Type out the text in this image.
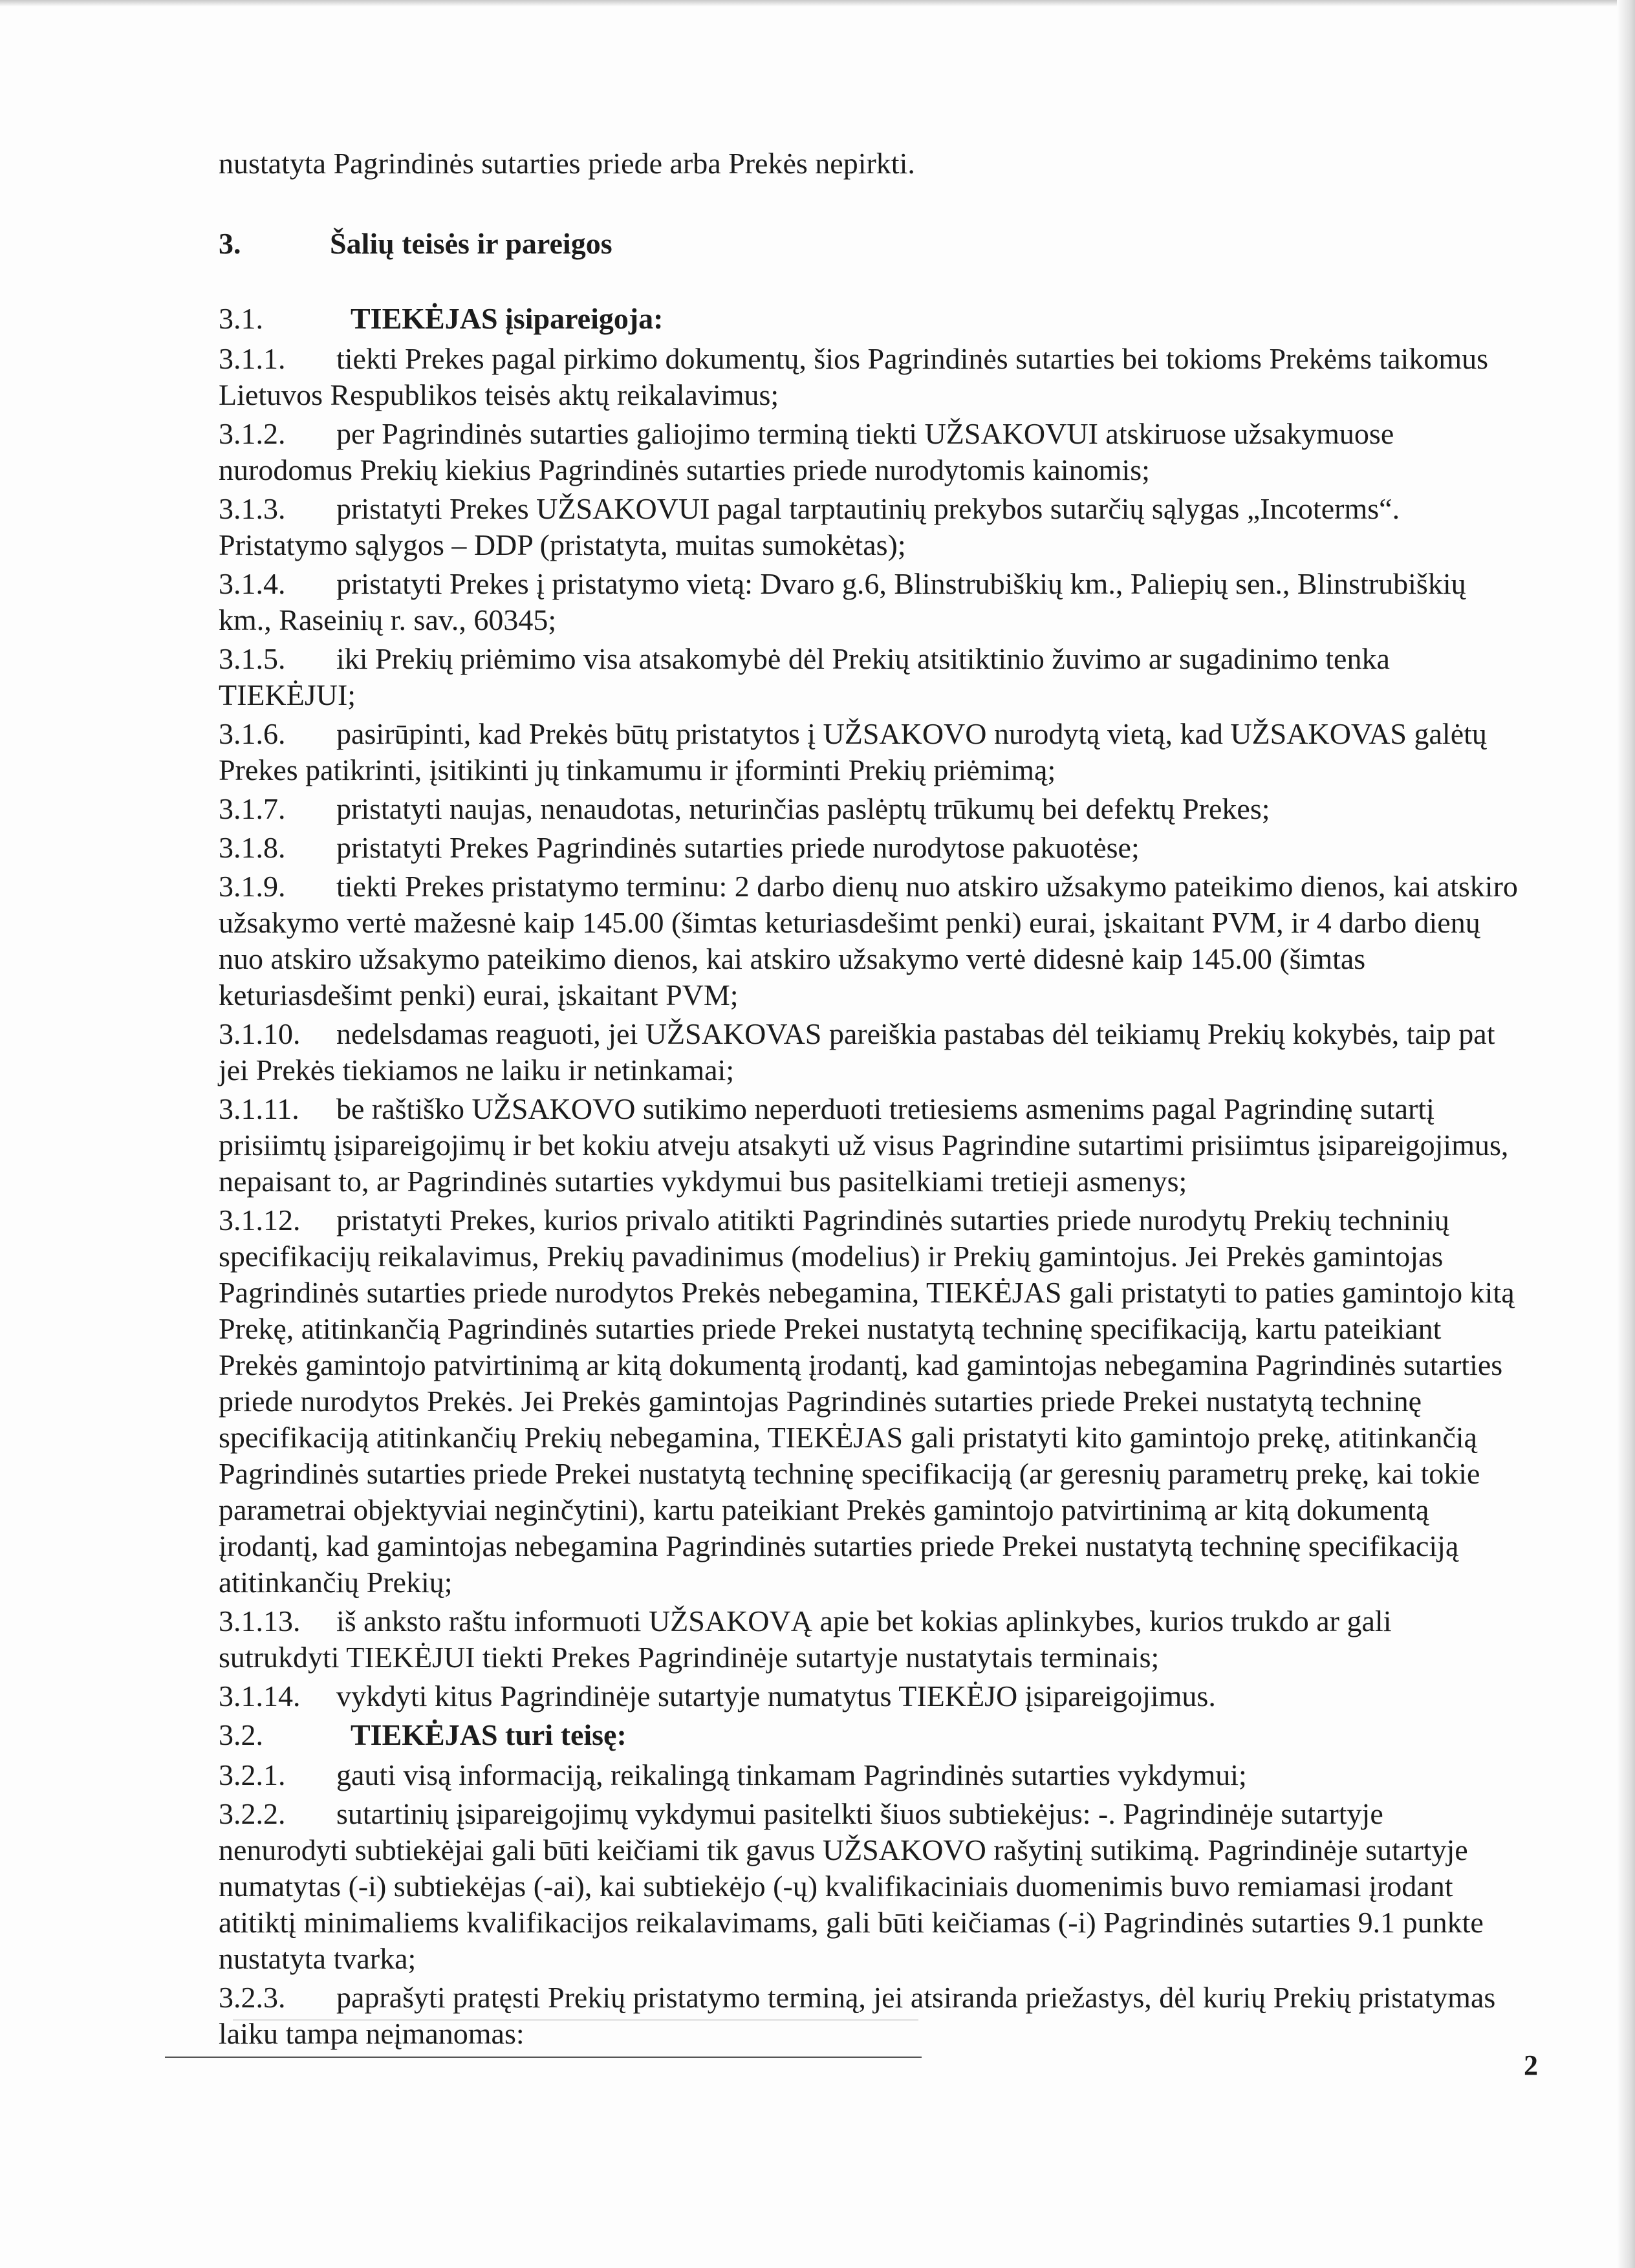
nustatyta Pagrindinės sutarties priede arba Prekės nepirkti.

3.	Šalių teisės ir pareigos
3.1.	TIEKĖJAS įsipareigoja:

3.1.1. tiekti Prekes pagal pirkimo dokumentų, šios Pagrindinės sutarties bei tokioms Prekėms taikomus Lietuvos Respublikos teisės aktų reikalavimus;

3.1.2. per Pagrindinės sutarties galiojimo terminą tiekti UŽSAKOVUI atskiruose užsakymuose nurodomus Prekių kiekius Pagrindinės sutarties priede nurodytomis kainomis;

3.1.3. pristatyti Prekes UŽSAKOVUI pagal tarptautinių prekybos sutarčių sąlygas „Incoterms“. Pristatymo sąlygos – DDP (pristatyta, muitas sumokėtas);

3.1.4. pristatyti Prekes į pristatymo vietą: Dvaro g.6, Blinstrubiškių km., Paliepių sen., Blinstrubiškių km., Raseinių r. sav., 60345;

3.1.5. iki Prekių priėmimo visa atsakomybė dėl Prekių atsitiktinio žuvimo ar sugadinimo tenka TIEKĖJUI;

3.1.6. pasirūpinti, kad Prekės būtų pristatytos į UŽSAKOVO nurodytą vietą, kad UŽSAKOVAS galėtų Prekes patikrinti, įsitikinti jų tinkamumu ir įforminti Prekių priėmimą;

3.1.7. pristatyti naujas, nenaudotas, neturinčias paslėptų trūkumų bei defektų Prekes;

3.1.8. pristatyti Prekes Pagrindinės sutarties priede nurodytose pakuotėse;

3.1.9. tiekti Prekes pristatymo terminu: 2 darbo dienų nuo atskiro užsakymo pateikimo dienos, kai atskiro užsakymo vertė mažesnė kaip 145.00 (šimtas keturiasdešimt penki) eurai, įskaitant PVM, ir 4 darbo dienų nuo atskiro užsakymo pateikimo dienos, kai atskiro užsakymo vertė didesnė kaip 145.00 (šimtas keturiasdešimt penki) eurai, įskaitant PVM;

3.1.10. nedelsdamas reaguoti, jei UŽSAKOVAS pareiškia pastabas dėl teikiamų Prekių kokybės, taip pat jei Prekės tiekiamos ne laiku ir netinkamai;

3.1.11. be raštiško UŽSAKOVO sutikimo neperduoti tretiesiems asmenims pagal Pagrindinę sutartį prisiimtų įsipareigojimų ir bet kokiu atveju atsakyti už visus Pagrindine sutartimi prisiimtus įsipareigojimus, nepaisant to, ar Pagrindinės sutarties vykdymui bus pasitelkiami tretieji asmenys;

3.1.12. pristatyti Prekes, kurios privalo atitikti Pagrindinės sutarties priede nurodytų Prekių techninių specifikacijų reikalavimus, Prekių pavadinimus (modelius) ir Prekių gamintojus. Jei Prekės gamintojas Pagrindinės sutarties priede nurodytos Prekės nebegamina, TIEKĖJAS gali pristatyti to paties gamintojo kitą Prekę, atitinkančią Pagrindinės sutarties priede Prekei nustatytą techninę specifikaciją, kartu pateikiant Prekės gamintojo patvirtinimą ar kitą dokumentą įrodantį, kad gamintojas nebegamina Pagrindinės sutarties priede nurodytos Prekės. Jei Prekės gamintojas Pagrindinės sutarties priede Prekei nustatytą techninę specifikaciją atitinkančių Prekių nebegamina, TIEKĖJAS gali pristatyti kito gamintojo prekę, atitinkančią Pagrindinės sutarties priede Prekei nustatytą techninę specifikaciją (ar geresnių parametrų prekę, kai tokie parametrai objektyviai neginčytini), kartu pateikiant Prekės gamintojo patvirtinimą ar kitą dokumentą įrodantį, kad gamintojas nebegamina Pagrindinės sutarties priede Prekei nustatytą techninę specifikaciją atitinkančių Prekių;

3.1.13. iš anksto raštu informuoti UŽSAKOVĄ apie bet kokias aplinkybes, kurios trukdo ar gali sutrukdyti TIEKĖJUI tiekti Prekes Pagrindinėje sutartyje nustatytais terminais;

3.1.14. vykdyti kitus Pagrindinėje sutartyje numatytus TIEKĖJO įsipareigojimus.

3.2.	TIEKĖJAS turi teisę:

3.2.1. gauti visą informaciją, reikalingą tinkamam Pagrindinės sutarties vykdymui;

3.2.2. sutartinių įsipareigojimų vykdymui pasitelkti šiuos subtiekėjus: -. Pagrindinėje sutartyje nenurodyti subtiekėjai gali būti keičiami tik gavus UŽSAKOVO rašytinį sutikimą. Pagrindinėje sutartyje numatytas (-i) subtiekėjas (-ai), kai subtiekėjo (-ų) kvalifikaciniais duomenimis buvo remiamasi įrodant atitiktį minimaliems kvalifikacijos reikalavimams, gali būti keičiamas (-i) Pagrindinės sutarties 9.1 punkte nustatyta tvarka;

3.2.3. paprašyti pratęsti Prekių pristatymo terminą, jei atsiranda priežastys, dėl kurių Prekių pristatymas laiku tampa neįmanomas:

2
